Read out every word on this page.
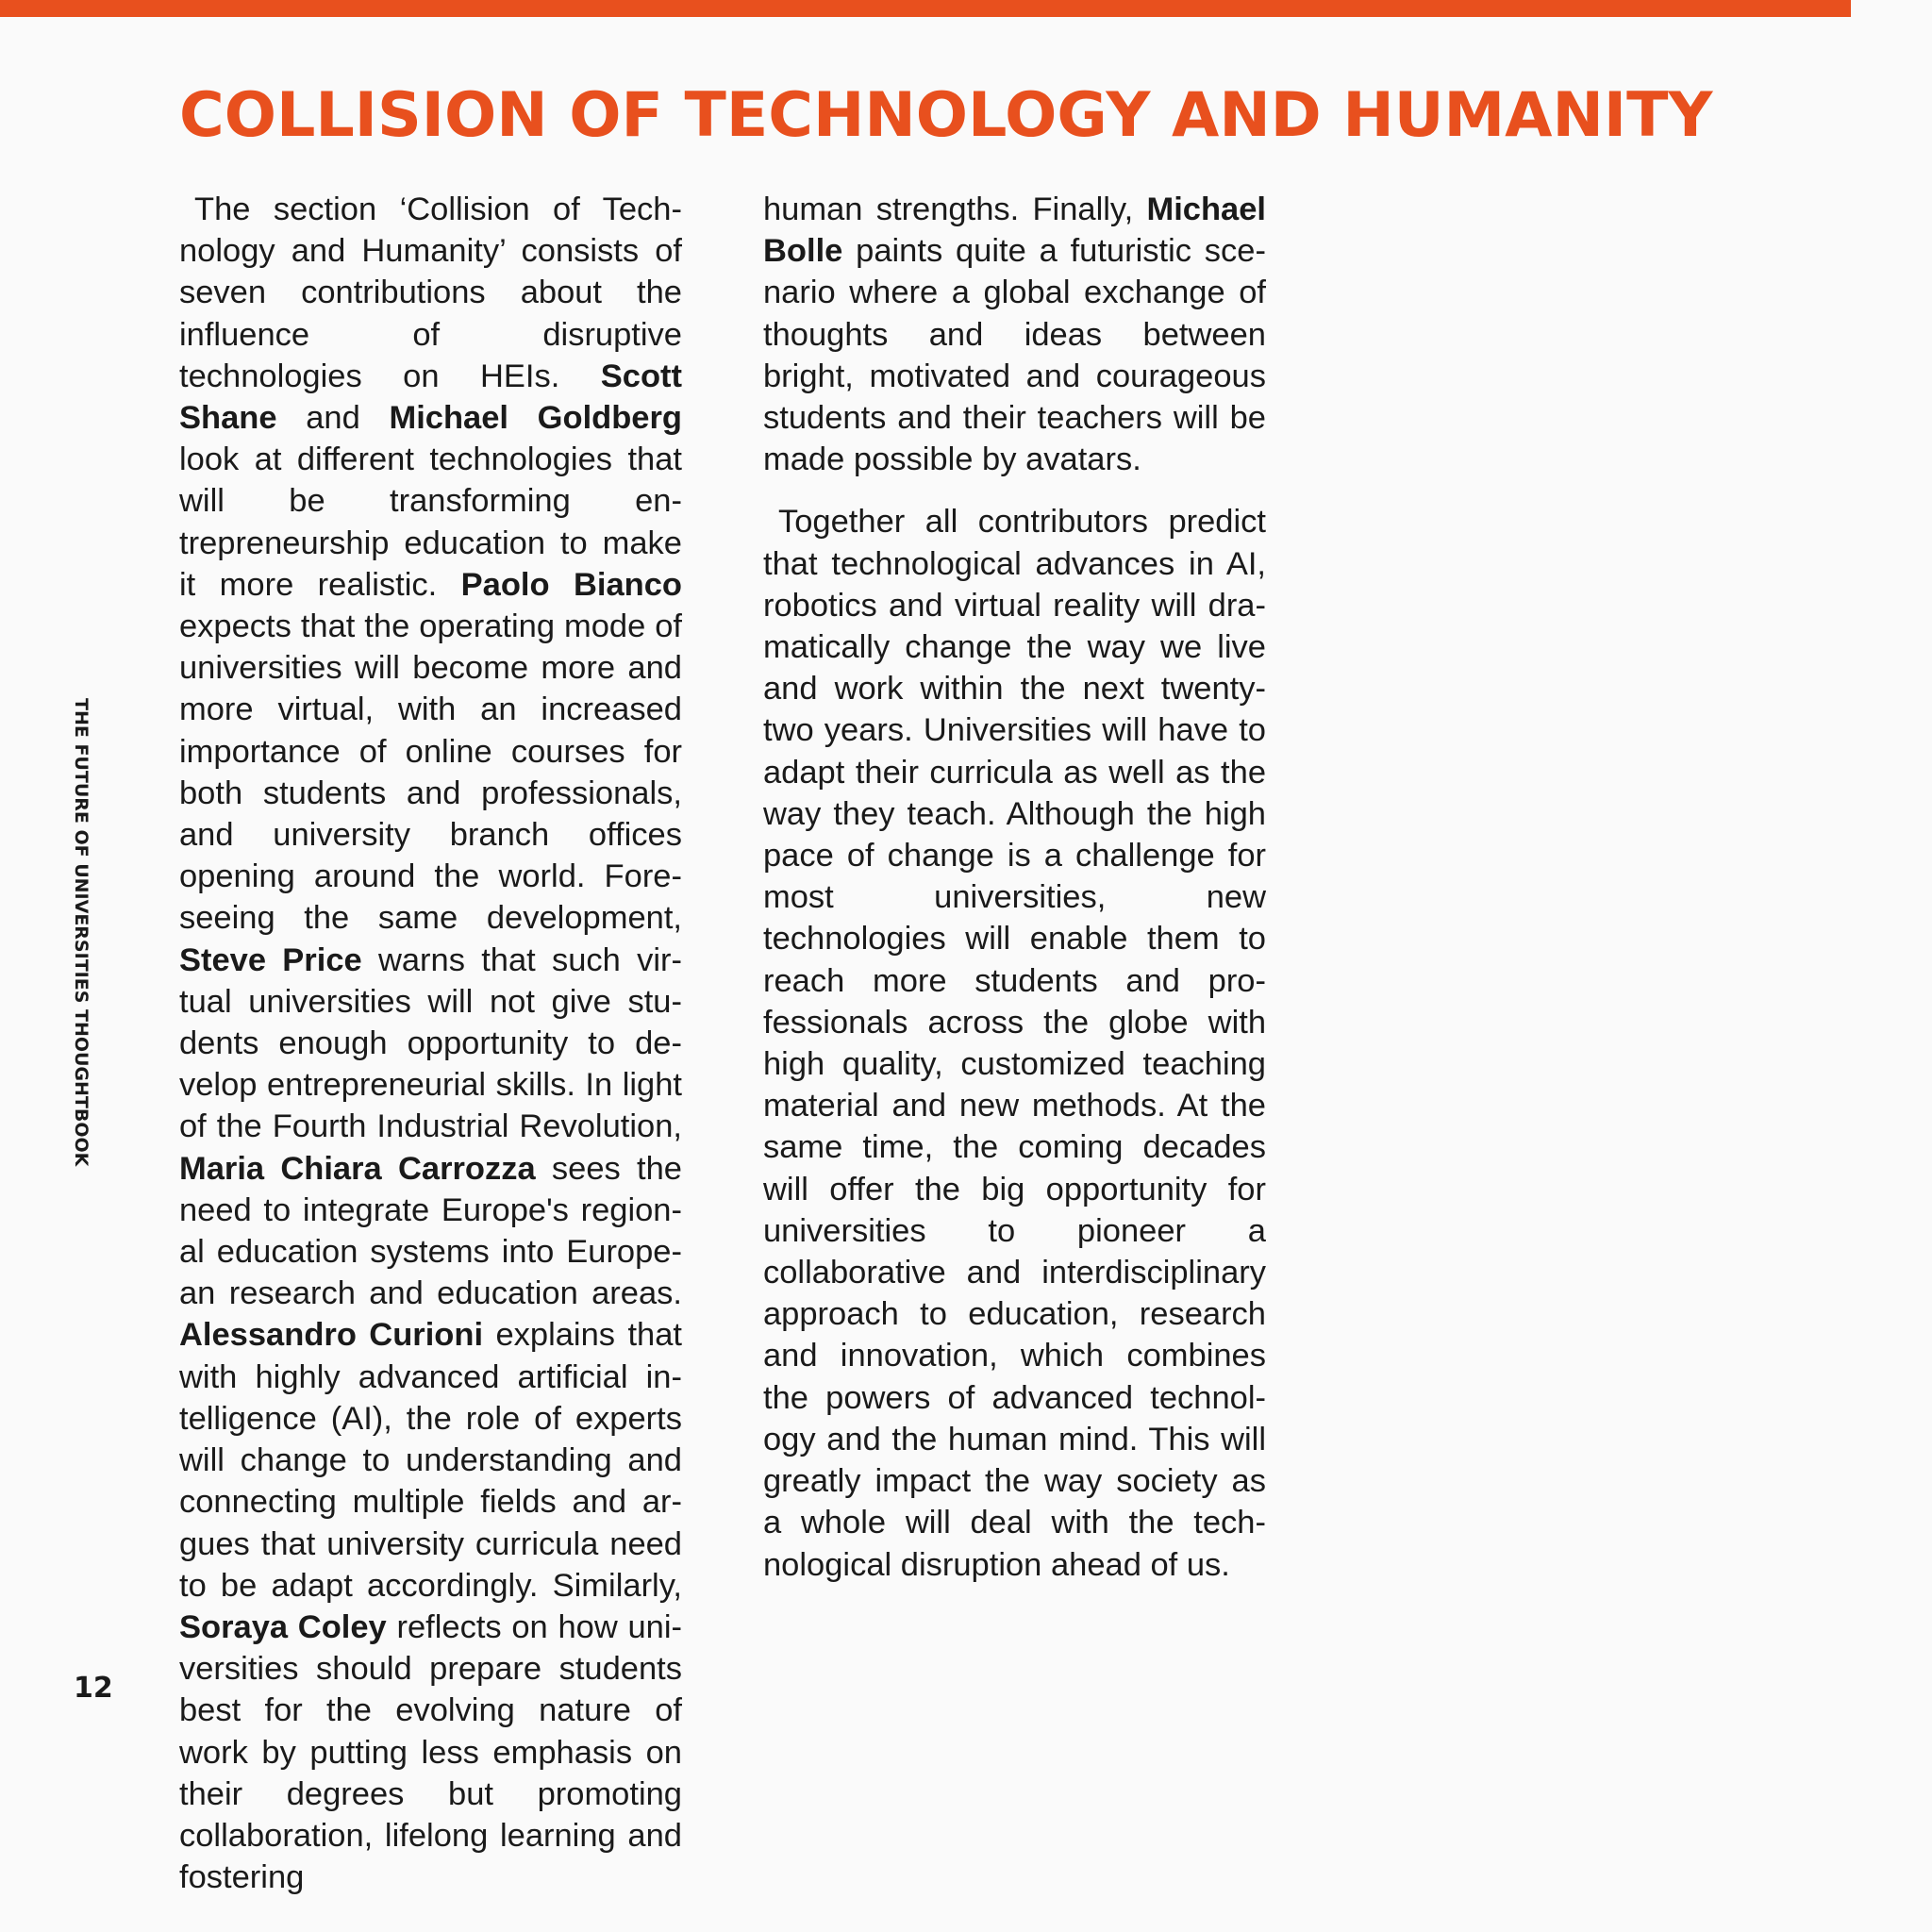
COLLISION OF TECHNOLOGY AND HUMANITY
THE FUTURE OF UNIVERSITIES THOUGHTBOOK
12

The section ‘Collision of Technology and Humanity’ consists of seven contributions about the influence of disruptive technologies on HEIs. Scott Shane and Michael Goldberg look at different technologies that will be transforming entrepreneurship education to make it more realistic. Paolo Bianco expects that the operating mode of universities will become more and more virtual, with an increased importance of online courses for both students and professionals, and university branch offices opening around the world. Foreseeing the same development, Steve Price warns that such virtual universities will not give students enough opportunity to develop entrepreneurial skills. In light of the Fourth Industrial Revolution, Maria Chiara Carrozza sees the need to integrate Europe's regional education systems into European research and education areas. Alessandro Curioni explains that with highly advanced artificial intelligence (AI), the role of experts will change to understanding and connecting multiple fields and argues that university curricula need to be adapt accordingly. Similarly, Soraya Coley reflects on how universities should prepare students best for the evolving nature of work by putting less emphasis on their degrees but promoting collaboration, lifelong learning and fostering

human strengths. Finally, Michael Bolle paints quite a futuristic scenario where a global exchange of thoughts and ideas between bright, motivated and courageous students and their teachers will be made possible by avatars.

Together all contributors predict that technological advances in AI, robotics and virtual reality will dramatically change the way we live and work within the next twenty-two years. Universities will have to adapt their curricula as well as the way they teach. Although the high pace of change is a challenge for most universities, new technologies will enable them to reach more students and professionals across the globe with high quality, customized teaching material and new methods. At the same time, the coming decades will offer the big opportunity for universities to pioneer a collaborative and interdisciplinary approach to education, research and innovation, which combines the powers of advanced technology and the human mind. This will greatly impact the way society as a whole will deal with the technological disruption ahead of us.
